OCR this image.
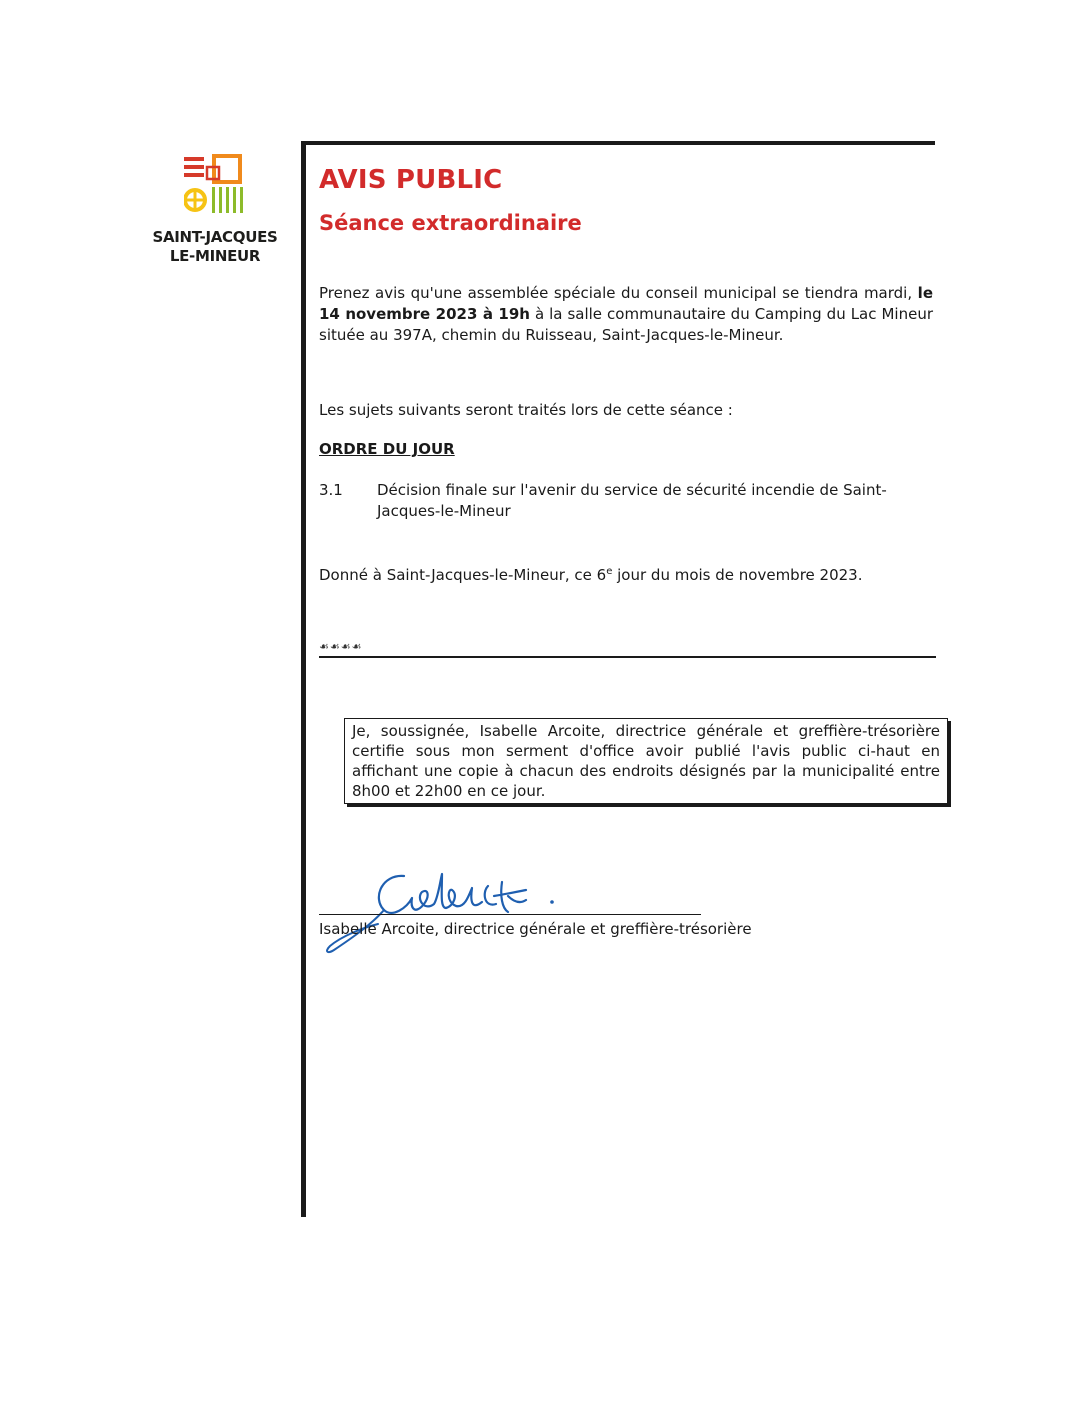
SAINT-JACQUES
LE-MINEUR
AVIS PUBLIC
Séance extraordinaire
Prenez avis qu'une assemblée spéciale du conseil municipal se tiendra mardi, le 14 novembre 2023 à 19h à la salle communautaire du Camping du Lac Mineur située au 397A, chemin du Ruisseau, Saint-Jacques-le-Mineur.
Les sujets suivants seront traités lors de cette séance :
ORDRE DU JOUR
3.1 Décision finale sur l'avenir du service de sécurité incendie de Saint-Jacques-le-Mineur
Donné à Saint-Jacques-le-Mineur, ce 6e jour du mois de novembre 2023.
☙☙☙☙
Je, soussignée, Isabelle Arcoite, directrice générale et greffière-trésorière certifie sous mon serment d'office avoir publié l'avis public ci-haut en affichant une copie à chacun des endroits désignés par la municipalité entre 8h00 et 22h00 en ce jour.
Isabelle Arcoite, directrice générale et greffière-trésorière
